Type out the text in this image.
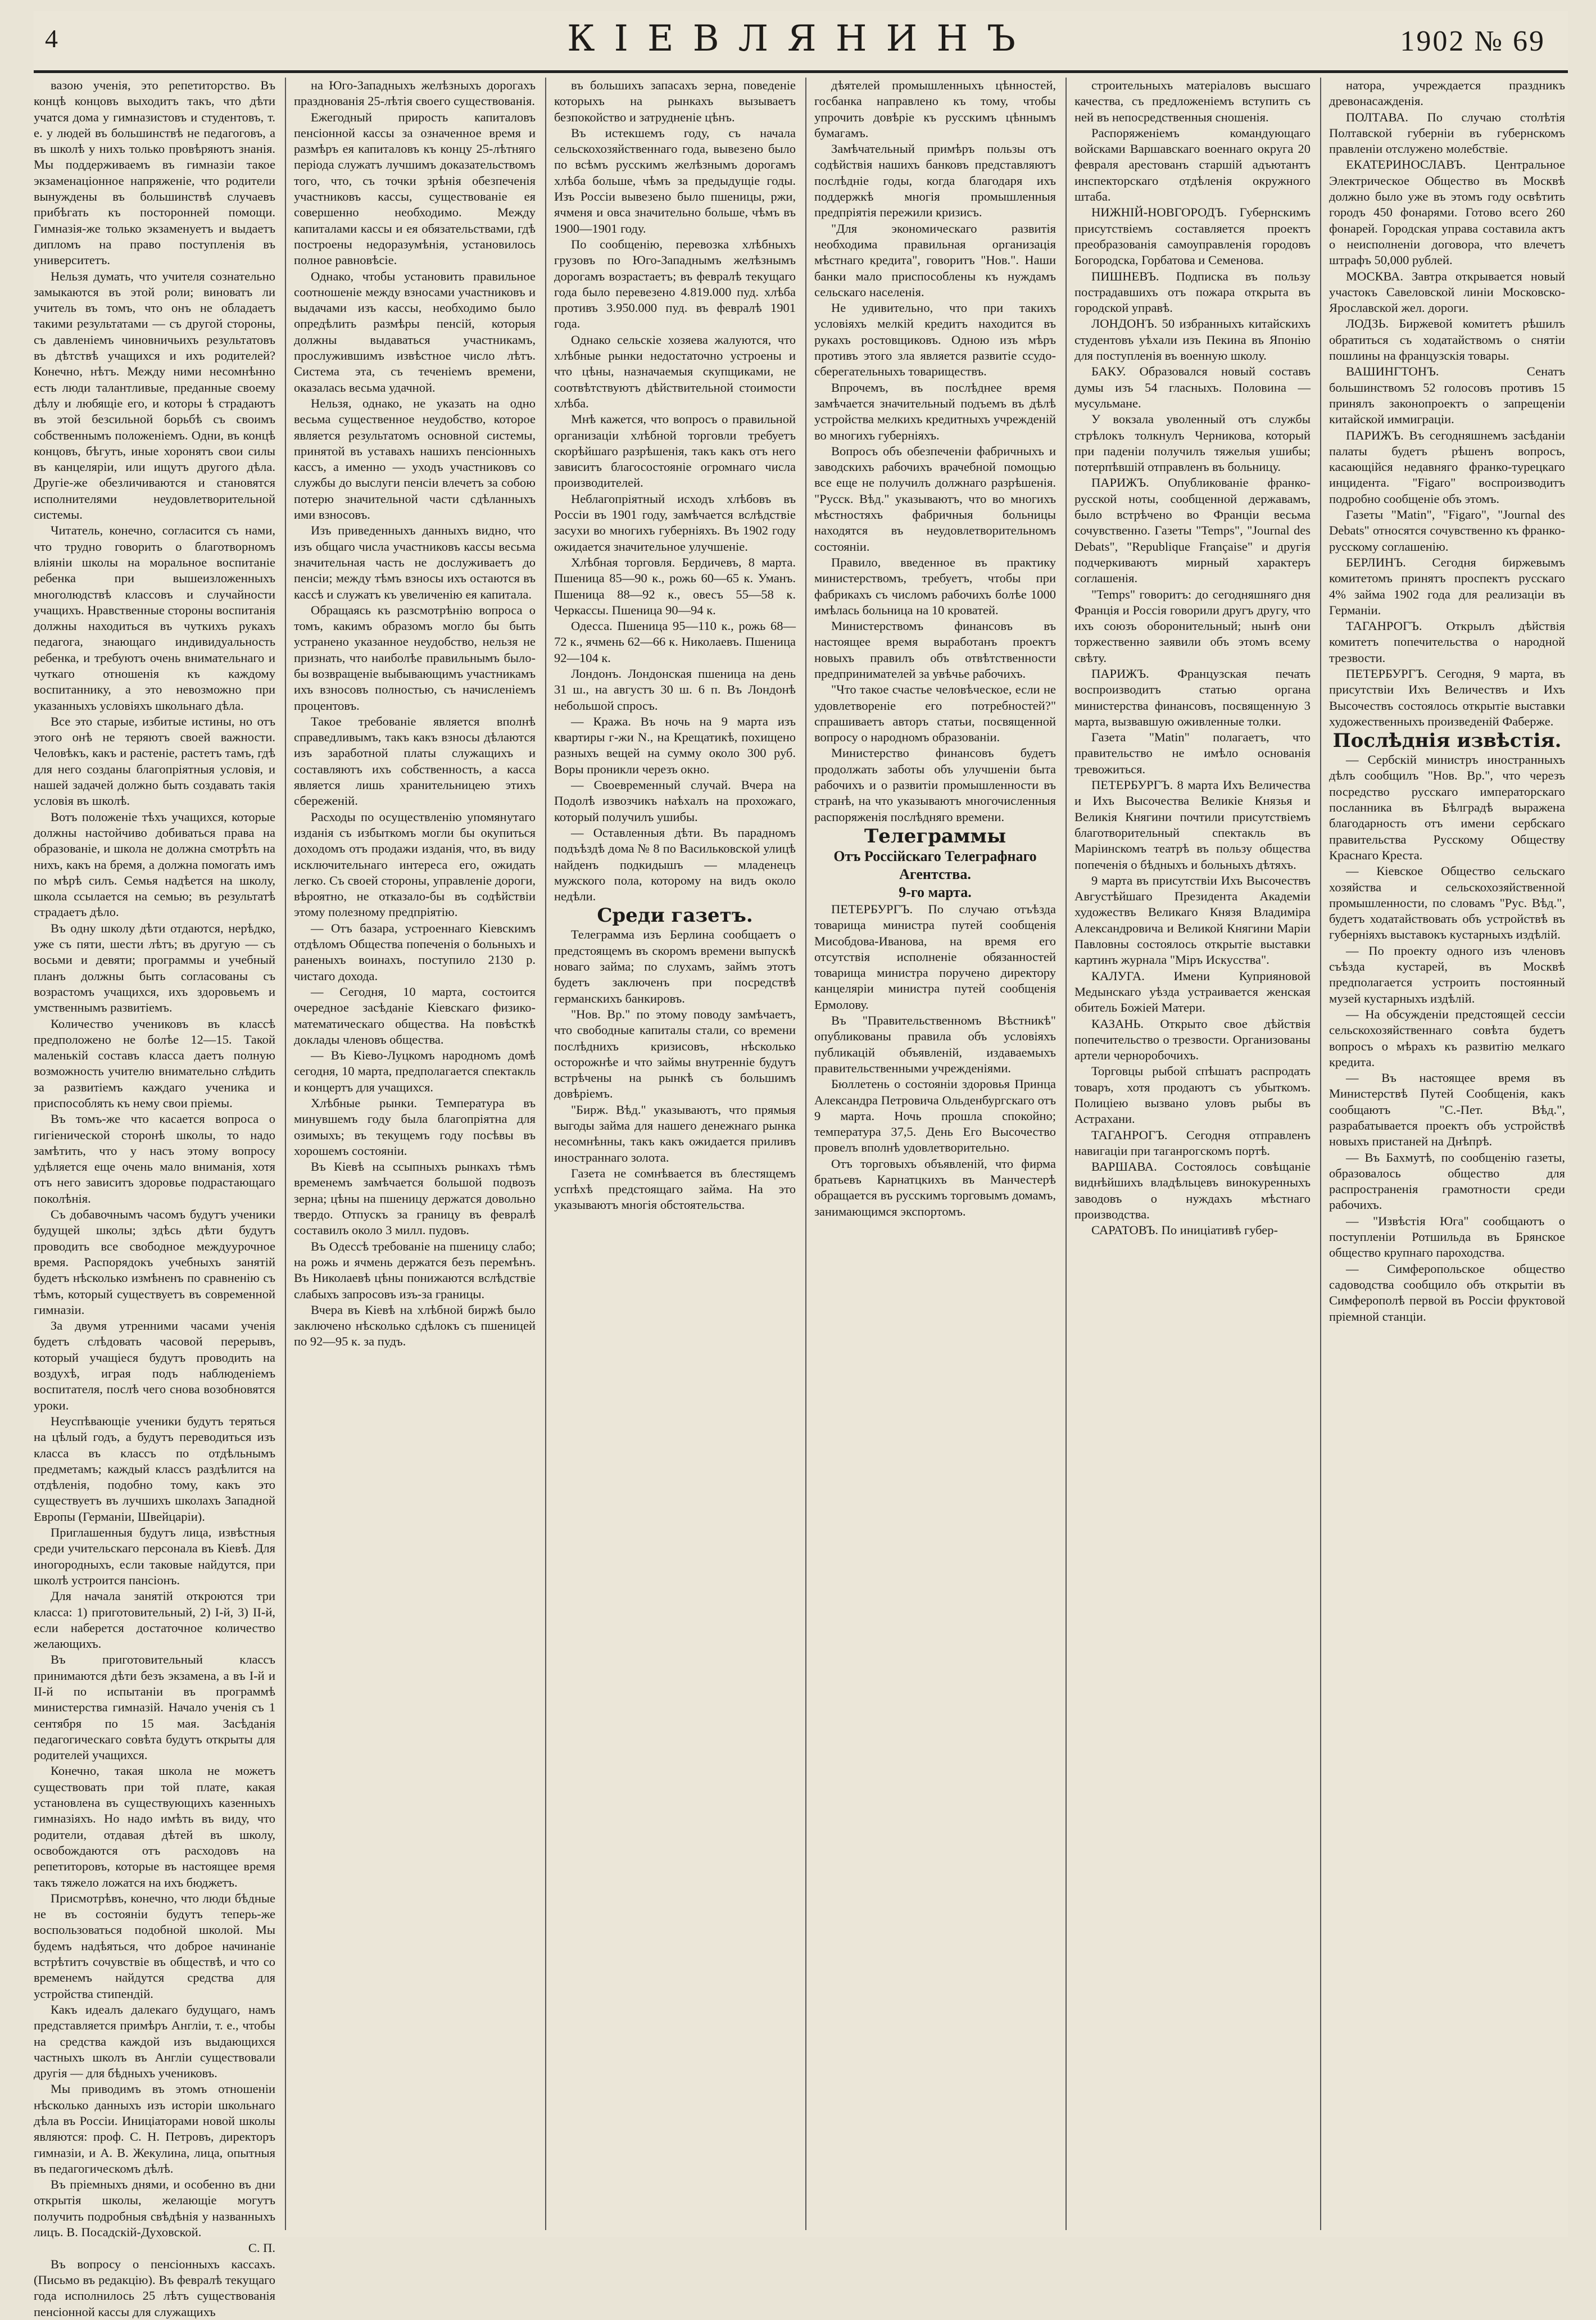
4	КІЕВЛЯНИНЪ	1902 № 69

вазою ученія, это репетиторство. Въ концѣ концовъ выходитъ такъ, что дѣти учатся дома у гимназистовъ и студентовъ, т. е. у людей въ большинствѣ не педагоговъ, а въ школѣ у нихъ только провѣряютъ знанія. Мы поддерживаемъ въ гимназіи такое экзаменаціонное напряженіе, что родители вынуждены въ большинствѣ случаевъ прибѣгать къ посторонней помощи. Гимназія-же только экзаменуетъ и выдаетъ дипломъ на право поступленія въ университетъ.

Нельзя думать, что учителя сознательно замыкаются въ этой роли; виноватъ ли учитель въ томъ, что онъ не обладаетъ такими результатами — съ другой стороны, съ давленіемъ чиновничьихъ результатовъ въ дѣтствѣ учащихся и ихъ родителей? Конечно, нѣтъ. Между ними несомнѣнно есть люди талантливые, преданные своему дѣлу и любящіе его, и которы ѣ страдаютъ въ этой безсильной борьбѣ съ своимъ собственнымъ положеніемъ. Одни, въ концѣ концовъ, бѣгутъ, иные хоронятъ свои силы въ канцеляріи, или ищутъ другого дѣла. Другіе-же обезличиваются и становятся исполнителями неудовлетворительной системы.

Читатель, конечно, согласится съ нами, что трудно говорить о благотворномъ вліяніи школы на моральное воспитаніе ребенка при вышеизложенныхъ многолюдствѣ классовъ и случайности учащихъ. Нравственные стороны воспитанія должны находиться въ чуткихъ рукахъ педагога, знающаго индивидуальность ребенка, и требуютъ очень внимательнаго и чуткаго отношенія къ каждому воспитаннику, а это невозможно при указанныхъ условіяхъ школьнаго дѣла.

Все это старые, избитые истины, но отъ этого онѣ не теряютъ своей важности. Человѣкъ, какъ и растеніе, растетъ тамъ, гдѣ для него созданы благопріятныя условія, и нашей задачей должно быть создавать такія условія въ школѣ.

Вотъ положеніе тѣхъ учащихся, которые должны настойчиво добиваться права на образованіе, и школа не должна смотрѣть на нихъ, какъ на бремя, а должна помогать имъ по мѣрѣ силъ. Семья надѣется на школу, школа ссылается на семью; въ результатѣ страдаетъ дѣло.

Въ одну школу дѣти отдаются, нерѣдко, уже съ пяти, шести лѣтъ; въ другую — съ восьми и девяти; программы и учебный планъ должны быть согласованы съ возрастомъ учащихся, ихъ здоровьемъ и умственнымъ развитіемъ.

Количество учениковъ въ классѣ предположено не болѣе 12—15. Такой маленькій составъ класса даетъ полную возможность учителю внимательно слѣдить за развитіемъ каждаго ученика и приспособлять къ нему свои пріемы.

Въ томъ-же что касается вопроса о гигіенической сторонѣ школы, то надо замѣтить, что у насъ этому вопросу удѣляется еще очень мало вниманія, хотя отъ него зависитъ здоровье подрастающаго поколѣнія.

Съ добавочнымъ часомъ будутъ ученики будущей школы; здѣсь дѣти будутъ проводить все свободное междуурочное время. Распорядокъ учебныхъ занятій будетъ нѣсколько измѣненъ по сравненію съ тѣмъ, который существуетъ въ современной гимназіи.

За двумя утренними часами ученія будетъ слѣдовать часовой перерывъ, который учащіеся будутъ проводить на воздухѣ, играя подъ наблюденіемъ воспитателя, послѣ чего снова возобновятся уроки.

Неуспѣвающіе ученики будутъ теряться на цѣлый годъ, а будутъ переводиться изъ класса въ классъ по отдѣльнымъ предметамъ; каждый классъ раздѣлится на отдѣленія, подобно тому, какъ это существуетъ въ лучшихъ школахъ Западной Европы (Германіи, Швейцаріи).

Приглашенныя будутъ лица, извѣстныя среди учительскаго персонала въ Кіевѣ. Для иногородныхъ, если таковые найдутся, при школѣ устроится пансіонъ.

Для начала занятій откроются три класса: 1) приготовительный, 2) I-й, 3) II-й, если наберется достаточное количество желающихъ.

Въ приготовительный классъ принимаются дѣти безъ экзамена, а въ I-й и II-й по испытаніи въ программѣ министерства гимназій. Начало ученія съ 1 сентября по 15 мая. Засѣданія педагогическаго совѣта будутъ открыты для родителей учащихся.

Конечно, такая школа не можетъ существовать при той плате, какая установлена въ существующихъ казенныхъ гимназіяхъ. Но надо имѣть въ виду, что родители, отдавая дѣтей въ школу, освобождаются отъ расходовъ на репетиторовъ, которые въ настоящее время такъ тяжело ложатся на ихъ бюджетъ.

Присмотрѣвъ, конечно, что люди бѣдные не въ состояніи будутъ теперь-же воспользоваться подобной школой. Мы будемъ надѣяться, что доброе начинаніе встрѣтитъ сочувствіе въ обществѣ, и что со временемъ найдутся средства для устройства стипендій.

Какъ идеалъ далекаго будущаго, намъ представляется примѣръ Англіи, т. е., чтобы на средства каждой изъ выдающихся частныхъ школъ въ Англіи существовали другія — для бѣдныхъ учениковъ.

Мы приводимъ въ этомъ отношеніи нѣсколько данныхъ изъ исторіи школьнаго дѣла въ Россіи. Иниціаторами новой школы являются: проф. С. Н. Петровъ, директоръ гимназіи, и А. В. Жекулина, лица, опытныя въ педагогическомъ дѣлѣ.

Въ пріемныхъ днями, и особенно въ дни открытія школы, желающіе могутъ получить подробныя свѣдѣнія у названныхъ лицъ. В. Посадскій-Духовской.

С. П.

Въ вопросу о пенсіонныхъ кассахъ. (Письмо въ редакцію). Въ февралѣ текущаго года исполнилось 25 лѣтъ существованія пенсіонной кассы для служащихъ

на Юго-Западныхъ желѣзныхъ дорогахъ празднованія 25-лѣтія своего существованія.

Ежегодный прирость капиталовъ пенсіонной кассы за означенное время и размѣръ ея капиталовъ къ концу 25-лѣтняго періода служатъ лучшимъ доказательствомъ того, что, съ точки зрѣнія обезпеченія участниковъ кассы, существованіе ея совершенно необходимо. Между капиталами кассы и ея обязательствами, гдѣ построены недоразумѣнія, установилось полное равновѣсіе.

Однако, чтобы установить правильное соотношеніе между взносами участниковъ и выдачами изъ кассы, необходимо было опредѣлить размѣры пенсій, которыя должны выдаваться участникамъ, прослужившимъ извѣстное число лѣтъ. Система эта, съ теченіемъ времени, оказалась весьма удачной.

Нельзя, однако, не указать на одно весьма существенное неудобство, которое является результатомъ основной системы, принятой въ уставахъ нашихъ пенсіонныхъ кассъ, а именно — уходъ участниковъ со службы до выслуги пенсіи влечетъ за собою потерю значительной части сдѣланныхъ ими взносовъ.

Изъ приведенныхъ данныхъ видно, что изъ общаго числа участниковъ кассы весьма значительная часть не дослуживаетъ до пенсіи; между тѣмъ взносы ихъ остаются въ кассѣ и служатъ къ увеличенію ея капитала.

Обращаясь къ разсмотрѣнію вопроса о томъ, какимъ образомъ могло бы быть устранено указанное неудобство, нельзя не признать, что наиболѣе правильнымъ было-бы возвращеніе выбывающимъ участникамъ ихъ взносовъ полностью, съ начисленіемъ процентовъ.

Такое требованіе является вполнѣ справедливымъ, такъ какъ взносы дѣлаются изъ заработной платы служащихъ и составляютъ ихъ собственность, а касса является лишь хранительницею этихъ сбереженій.

Расходы по осуществленію упомянутаго изданія съ избыткомъ могли бы окупиться доходомъ отъ продажи изданія, что, въ виду исключительнаго интереса его, ожидать легко. Съ своей стороны, управленіе дороги, вѣроятно, не отказало-бы въ содѣйствіи этому полезному предпріятію.

— Отъ базара, устроеннаго Кіевскимъ отдѣломъ Общества попеченія о больныхъ и раненыхъ воинахъ, поступило 2130 р. чистаго дохода.

— Сегодня, 10 марта, состоится очередное засѣданіе Кіевскаго физико-математическаго общества. На повѣсткѣ доклады членовъ общества.

— Въ Кіево-Луцкомъ народномъ домѣ сегодня, 10 марта, предполагается спектакль и концертъ для учащихся.

Хлѣбные рынки. Температура въ минувшемъ году была благопріятна для озимыхъ; въ текущемъ году посѣвы въ хорошемъ состояніи.

Въ Кіевѣ на ссыпныхъ рынкахъ тѣмъ временемъ замѣчается большой подвозъ зерна; цѣны на пшеницу держатся довольно твердо. Отпускъ за границу въ февралѣ составилъ около 3 милл. пудовъ.

Въ Одессѣ требованіе на пшеницу слабо; на рожь и ячмень держатся безъ перемѣнъ. Въ Николаевѣ цѣны понижаются вслѣдствіе слабыхъ запросовъ изъ-за границы.

Вчера въ Кіевѣ на хлѣбной биржѣ было заключено нѣсколько сдѣлокъ съ пшеницей по 92—95 к. за пудъ.

въ большихъ запасахъ зерна, поведеніе которыхъ на рынкахъ вызываетъ безпокойство и затрудненіе цѣнъ.

Въ истекшемъ году, съ начала сельскохозяйственнаго года, вывезено было по всѣмъ русскимъ желѣзнымъ дорогамъ хлѣба больше, чѣмъ за предыдущіе годы. Изъ Россіи вывезено было пшеницы, ржи, ячменя и овса значительно больше, чѣмъ въ 1900—1901 году.

По сообщенію, перевозка хлѣбныхъ грузовъ по Юго-Западнымъ желѣзнымъ дорогамъ возрастаетъ; въ февралѣ текущаго года было перевезено 4.819.000 пуд. хлѣба противъ 3.950.000 пуд. въ февралѣ 1901 года.

Однако сельскіе хозяева жалуются, что хлѣбные рынки недостаточно устроены и что цѣны, назначаемыя скупщиками, не соотвѣтствуютъ дѣйствительной стоимости хлѣба.

Мнѣ кажется, что вопросъ о правильной организаціи хлѣбной торговли требуетъ скорѣйшаго разрѣшенія, такъ какъ отъ него зависитъ благосостояніе огромнаго числа производителей.

Неблагопріятный исходъ хлѣбовъ въ Россіи въ 1901 году, замѣчается вслѣдствіе засухи во многихъ губерніяхъ. Въ 1902 году ожидается значительное улучшеніе.

Хлѣбная торговля. Бердичевъ, 8 марта. Пшеница 85—90 к., рожь 60—65 к. Уманъ. Пшеница 88—92 к., овесъ 55—58 к. Черкассы. Пшеница 90—94 к.

Одесса. Пшеница 95—110 к., рожь 68—72 к., ячмень 62—66 к. Николаевъ. Пшеница 92—104 к.

Лондонъ. Лондонская пшеница на день 31 ш., на августъ 30 ш. 6 п. Въ Лондонѣ небольшой спросъ.

— Кража. Въ ночь на 9 марта изъ квартиры г-жи N., на Крещатикѣ, похищено разныхъ вещей на сумму около 300 руб. Воры проникли черезъ окно.

— Своевременный случай. Вчера на Подолѣ извозчикъ наѣхалъ на прохожаго, который получилъ ушибы.

— Оставленныя дѣти. Въ парадномъ подъѣздѣ дома № 8 по Васильковской улицѣ найденъ подкидышъ — младенецъ мужского пола, которому на видъ около недѣли.

Среди газетъ.

Телеграмма изъ Берлина сообщаетъ о предстоящемъ въ скоромъ времени выпускѣ новаго займа; по слухамъ, займъ этотъ будетъ заключенъ при посредствѣ германскихъ банкировъ.

"Нов. Вр." по этому поводу замѣчаетъ, что свободные капиталы стали, со времени послѣднихъ кризисовъ, нѣсколько осторожнѣе и что займы внутренніе будутъ встрѣчены на рынкѣ съ большимъ довѣріемъ.

"Бирж. Вѣд." указываютъ, что прямыя выгоды займа для нашего денежнаго рынка несомнѣнны, такъ какъ ожидается приливъ иностраннаго золота.

Газета не сомнѣвается въ блестящемъ успѣхѣ предстоящаго займа. На это указываютъ многія обстоятельства.

дѣятелей промышленныхъ цѣнностей, госбанка направлено къ тому, чтобы упрочить довѣріе къ русскимъ цѣннымъ бумагамъ.

Замѣчательный примѣръ пользы отъ содѣйствія нашихъ банковъ представляютъ послѣдніе годы, когда благодаря ихъ поддержкѣ многія промышленныя предпріятія пережили кризисъ.

"Для экономическаго развитія необходима правильная организація мѣстнаго кредита", говоритъ "Нов.". Наши банки мало приспособлены къ нуждамъ сельскаго населенія.

Не удивительно, что при такихъ условіяхъ мелкій кредитъ находится въ рукахъ ростовщиковъ. Одною изъ мѣръ противъ этого зла является развитіе ссудо-сберегательныхъ товариществъ.

Впрочемъ, въ послѣднее время замѣчается значительный подъемъ въ дѣлѣ устройства мелкихъ кредитныхъ учрежденій во многихъ губерніяхъ.

Вопросъ объ обезпеченіи фабричныхъ и заводскихъ рабочихъ врачебной помощью все еще не получилъ должнаго разрѣшенія. "Русск. Вѣд." указываютъ, что во многихъ мѣстностяхъ фабричныя больницы находятся въ неудовлетворительномъ состояніи.

Правило, введенное въ практику министерствомъ, требуетъ, чтобы при фабрикахъ съ числомъ рабочихъ болѣе 1000 имѣлась больница на 10 кроватей.

Министерствомъ финансовъ въ настоящее время выработанъ проектъ новыхъ правилъ объ отвѣтственности предпринимателей за увѣчье рабочихъ.

"Что такое счастье человѣческое, если не удовлетвореніе его потребностей?" спрашиваетъ авторъ статьи, посвященной вопросу о народномъ образованіи.

Министерство финансовъ будетъ продолжать заботы объ улучшеніи быта рабочихъ и о развитіи промышленности въ странѣ, на что указываютъ многочисленныя распоряженія послѣдняго времени.

Телеграммы

Отъ Россійскаго Телеграфнаго Агентства.

9-го марта.

ПЕТЕРБУРГЪ. По случаю отъѣзда товарища министра путей сообщенія Мисобдова-Иванова, на время его отсутствія исполненіе обязанностей товарища министра поручено директору канцеляріи министра путей сообщенія Ермолову.

Въ "Правительственномъ Вѣстникѣ" опубликованы правила объ условіяхъ публикацій объявленій, издаваемыхъ правительственными учрежденіями.

Бюллетень о состояніи здоровья Принца Александра Петровича Ольденбургскаго отъ 9 марта. Ночь прошла спокойно; температура 37,5. День Его Высочество провелъ вполнѣ удовлетворительно.

Отъ торговыхъ объявленій, что фирма братьевъ Карнатцкихъ въ Манчестерѣ обращается въ русскимъ торговымъ домамъ, занимающимся экспортомъ.

строительныхъ матеріаловъ высшаго качества, съ предложеніемъ вступить съ ней въ непосредственныя сношенія.

Распоряженіемъ командующаго войсками Варшавскаго военнаго округа 20 февраля арестованъ старшій адъютантъ инспекторскаго отдѣленія окружного штаба.

НИЖНІЙ-НОВГОРОДЪ. Губернскимъ присутствіемъ составляется проектъ преобразованія самоуправленія городовъ Богородска, Горбатова и Семенова.

ПИШНЕВЪ. Подписка въ пользу пострадавшихъ отъ пожара открыта въ городской управѣ.

ЛОНДОНЪ. 50 избранныхъ китайскихъ студентовъ уѣхали изъ Пекина въ Японію для поступленія въ военную школу.

БАКУ. Образовался новый составъ думы изъ 54 гласныхъ. Половина — мусульмане.

У вокзала уволенный отъ службы стрѣлокъ толкнулъ Черникова, который при паденіи получилъ тяжелыя ушибы; потерпѣвшій отправленъ въ больницу.

ПАРИЖЪ. Опубликованіе франко-русской ноты, сообщенной державамъ, было встрѣчено во Франціи весьма сочувственно. Газеты "Temps", "Journal des Debats", "Republique Française" и другія подчеркиваютъ мирный характеръ соглашенія.

"Temps" говоритъ: до сегодняшняго дня Франція и Россія говорили другъ другу, что ихъ союзъ оборонительный; нынѣ они торжественно заявили объ этомъ всему свѣту.

ПАРИЖЪ. Французская печать воспроизводитъ статью органа министерства финансовъ, посвященную 3 марта, вызвавшую оживленные толки.

Газета "Matin" полагаетъ, что правительство не имѣло основанія тревожиться.

ПЕТЕРБУРГЪ. 8 марта Ихъ Величества и Ихъ Высочества Великіе Князья и Великія Княгини почтили присутствіемъ благотворительный спектакль въ Маріинскомъ театрѣ въ пользу общества попеченія о бѣдныхъ и больныхъ дѣтяхъ.

9 марта въ присутствіи Ихъ Высочествъ Августѣйшаго Президента Академіи художествъ Великаго Князя Владиміра Александровича и Великой Княгини Маріи Павловны состоялось открытіе выставки картинъ журнала "Міръ Искусства".

КАЛУГА. Имени Куприяновой Медынскаго уѣзда устраивается женская обитель Божіей Матери.

КАЗАНЬ. Открыто свое дѣйствія попечительство о трезвости. Организованы артели черноробочихъ.

Торговцы рыбой спѣшатъ распродать товаръ, хотя продаютъ съ убыткомъ. Полиціею вызвано уловъ рыбы въ Астрахани.

ТАГАНРОГЪ. Сегодня отправленъ навигаціи при таганрогскомъ портѣ.

ВАРШАВА. Состоялось совѣщаніе виднѣйшихъ владѣльцевъ винокуренныхъ заводовъ о нуждахъ мѣстнаго производства.

САРАТОВЪ. По иниціативѣ губер-

натора, учреждается праздникъ древонасажденія.

ПОЛТАВА. По случаю столѣтія Полтавской губерніи въ губернскомъ правленіи отслужено молебствіе.

ЕКАТЕРИНОСЛАВЪ. Центральное Электрическое Общество въ Москвѣ должно было уже въ этомъ году освѣтить городъ 450 фонарями. Готово всего 260 фонарей. Городская управа составила актъ о неисполненіи договора, что влечетъ штрафъ 50,000 рублей.

МОСКВА. Завтра открывается новый участокъ Савеловской линіи Московско-Ярославской жел. дороги.

ЛОДЗЬ. Биржевой комитетъ рѣшилъ обратиться съ ходатайствомъ о снятіи пошлины на французскія товары.

ВАШИНГТОНЪ. Сенатъ большинствомъ 52 голосовъ противъ 15 принялъ законопроектъ о запрещеніи китайской иммиграціи.

ПАРИЖЪ. Въ сегодняшнемъ засѣданіи палаты будетъ рѣшенъ вопросъ, касающійся недавняго франко-турецкаго инцидента. "Figaro" воспроизводитъ подробно сообщеніе объ этомъ.

Газеты "Matin", "Figaro", "Journal des Debats" относятся сочувственно къ франко-русскому соглашенію.

БЕРЛИНЪ. Сегодня биржевымъ комитетомъ принятъ проспектъ русскаго 4% займа 1902 года для реализаціи въ Германіи.

ТАГАНРОГЪ. Открылъ дѣйствія комитетъ попечительства о народной трезвости.

ПЕТЕРБУРГЪ. Сегодня, 9 марта, въ присутствіи Ихъ Величествъ и Ихъ Высочествъ состоялось открытіе выставки художественныхъ произведеній Фаберже.

Послѣднія извѣстія.

— Сербскій министръ иностранныхъ дѣлъ сообщилъ "Нов. Вр.", что черезъ посредство русскаго императорскаго посланника въ Бѣлградѣ выражена благодарность отъ имени сербскаго правительства Русскому Обществу Краснаго Креста.

— Кіевское Общество сельскаго хозяйства и сельскохозяйственной промышленности, по словамъ "Рус. Вѣд.", будетъ ходатайствовать объ устройствѣ въ губерніяхъ выставокъ кустарныхъ издѣлій.

— По проекту одного изъ членовъ съѣзда кустарей, въ Москвѣ предполагается устроить постоянный музей кустарныхъ издѣлій.

— На обсужденіи предстоящей сессіи сельскохозяйственнаго совѣта будетъ вопросъ о мѣрахъ къ развитію мелкаго кредита.

— Въ настоящее время въ Министерствѣ Путей Сообщенія, какъ сообщаютъ "С.-Пет. Вѣд.", разрабатывается проектъ объ устройствѣ новыхъ пристаней на Днѣпрѣ.

— Въ Бахмутѣ, по сообщенію газеты, образовалось общество для распространенія грамотности среди рабочихъ.

— "Извѣстія Юга" сообщаютъ о поступленіи Ротшильда въ Брянское общество крупнаго пароходства.

— Симферопольское общество садоводства сообщило объ открытіи въ Симферополѣ первой въ Россіи фруктовой пріемной станціи.
